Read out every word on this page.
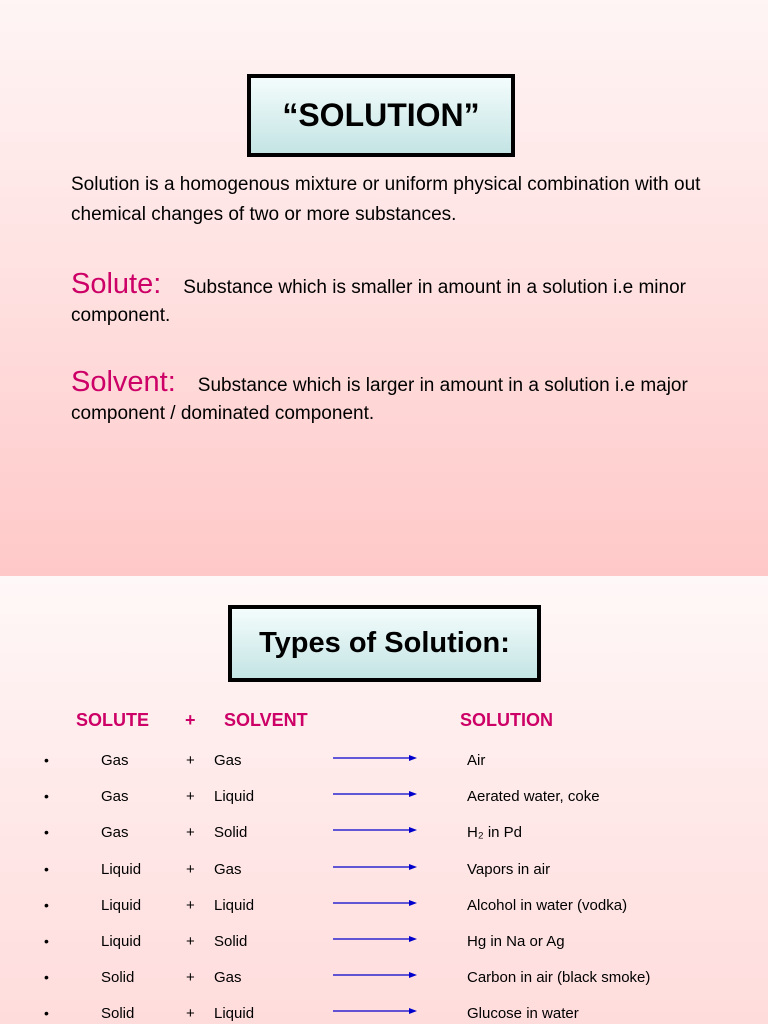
“SOLUTION”
Solution is a homogenous mixture or uniform physical combination with out chemical changes of two or more substances.
Solute: Substance which is smaller in amount in a solution i.e minor component.
Solvent: Substance which is larger in amount in a solution i.e major component / dominated component.
Types of Solution:
SOLUTE + SOLVENT	SOLUTION
•	Gas	+ Gas	Air
•	Gas	+ Liquid	Aerated water, coke
•	Gas	+ Solid	H₂ in Pd
•	Liquid	+ Gas	Vapors in air
•	Liquid	+ Liquid	Alcohol in water (vodka)
•	Liquid	+ Solid	Hg in Na or Ag
•	Solid	+ Gas	Carbon in air (black smoke)
•	Solid	+ Liquid	Glucose in water
